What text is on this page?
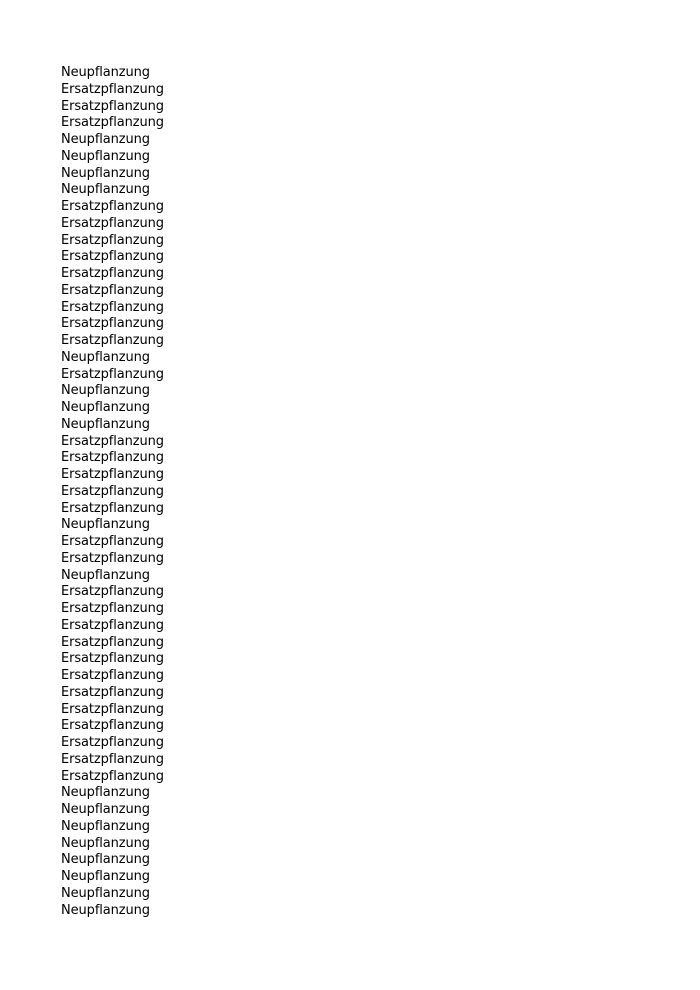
Neupflanzung
Ersatzpflanzung
Ersatzpflanzung
Ersatzpflanzung
Neupflanzung
Neupflanzung
Neupflanzung
Neupflanzung
Ersatzpflanzung
Ersatzpflanzung
Ersatzpflanzung
Ersatzpflanzung
Ersatzpflanzung
Ersatzpflanzung
Ersatzpflanzung
Ersatzpflanzung
Ersatzpflanzung
Neupflanzung
Ersatzpflanzung
Neupflanzung
Neupflanzung
Neupflanzung
Ersatzpflanzung
Ersatzpflanzung
Ersatzpflanzung
Ersatzpflanzung
Ersatzpflanzung
Neupflanzung
Ersatzpflanzung
Ersatzpflanzung
Neupflanzung
Ersatzpflanzung
Ersatzpflanzung
Ersatzpflanzung
Ersatzpflanzung
Ersatzpflanzung
Ersatzpflanzung
Ersatzpflanzung
Ersatzpflanzung
Ersatzpflanzung
Ersatzpflanzung
Ersatzpflanzung
Ersatzpflanzung
Neupflanzung
Neupflanzung
Neupflanzung
Neupflanzung
Neupflanzung
Neupflanzung
Neupflanzung
Neupflanzung
